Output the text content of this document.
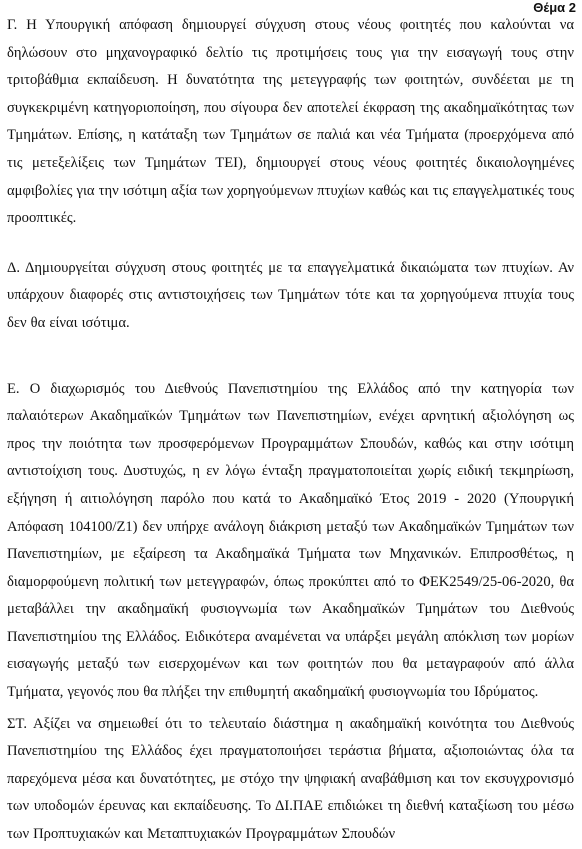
Θέμα 2

Γ. Η Υπουργική απόφαση δημιουργεί σύγχυση στους νέους φοιτητές που καλούνται να δηλώσουν στο μηχανογραφικό δελτίο τις προτιμήσεις τους για την εισαγωγή τους στην τριτοβάθμια εκπαίδευση. Η δυνατότητα της μετεγγραφής των φοιτητών, συνδέεται με τη συγκεκριμένη κατηγοριοποίηση, που σίγουρα δεν αποτελεί έκφραση της ακαδημαϊκότητας των Τμημάτων. Επίσης, η κατάταξη των Τμημάτων σε παλιά και νέα Τμήματα (προερχόμενα από τις μετεξελίξεις των Τμημάτων ΤΕΙ), δημιουργεί στους νέους φοιτητές δικαιολογημένες αμφιβολίες για την ισότιμη αξία των χορηγούμενων πτυχίων καθώς και τις επαγγελματικές τους προοπτικές.

Δ. Δημιουργείται σύγχυση στους φοιτητές με τα επαγγελματικά δικαιώματα των πτυχίων. Αν υπάρχουν διαφορές στις αντιστοιχήσεις των Τμημάτων τότε και τα χορηγούμενα πτυχία τους δεν θα είναι ισότιμα.

Ε. Ο διαχωρισμός του Διεθνούς Πανεπιστημίου της Ελλάδος από την κατηγορία των παλαιότερων Ακαδημαϊκών Τμημάτων των Πανεπιστημίων, ενέχει αρνητική αξιολόγηση ως προς την ποιότητα των προσφερόμενων Προγραμμάτων Σπουδών, καθώς και στην ισότιμη αντιστοίχιση τους. Δυστυχώς, η εν λόγω ένταξη πραγματοποιείται χωρίς ειδική τεκμηρίωση, εξήγηση ή αιτιολόγηση παρόλο που κατά το Ακαδημαϊκό Έτος 2019 - 2020 (Υπουργική Απόφαση 104100/Ζ1) δεν υπήρχε ανάλογη διάκριση μεταξύ των Ακαδημαϊκών Τμημάτων των Πανεπιστημίων, με εξαίρεση τα Ακαδημαϊκά Τμήματα των Μηχανικών. Επιπροσθέτως, η διαμορφούμενη πολιτική των μετεγγραφών, όπως προκύπτει από το ΦΕΚ2549/25-06-2020, θα μεταβάλλει την ακαδημαϊκή φυσιογνωμία των Ακαδημαϊκών Τμημάτων του Διεθνούς Πανεπιστημίου της Ελλάδος. Ειδικότερα αναμένεται να υπάρξει μεγάλη απόκλιση των μορίων εισαγωγής μεταξύ των εισερχομένων και των φοιτητών που θα μεταγραφούν από άλλα Τμήματα, γεγονός που θα πλήξει την επιθυμητή ακαδημαϊκή φυσιογνωμία του Ιδρύματος.

ΣΤ. Αξίζει να σημειωθεί ότι το τελευταίο διάστημα η ακαδημαϊκή κοινότητα του Διεθνούς Πανεπιστημίου της Ελλάδος έχει πραγματοποιήσει τεράστια βήματα, αξιοποιώντας όλα τα παρεχόμενα μέσα και δυνατότητες, με στόχο την ψηφιακή αναβάθμιση και τον εκσυγχρονισμό των υποδομών έρευνας και εκπαίδευσης. Το ΔΙ.ΠΑΕ επιδιώκει τη διεθνή καταξίωση του μέσω των Προπτυχιακών και Μεταπτυχιακών Προγραμμάτων Σπουδών
